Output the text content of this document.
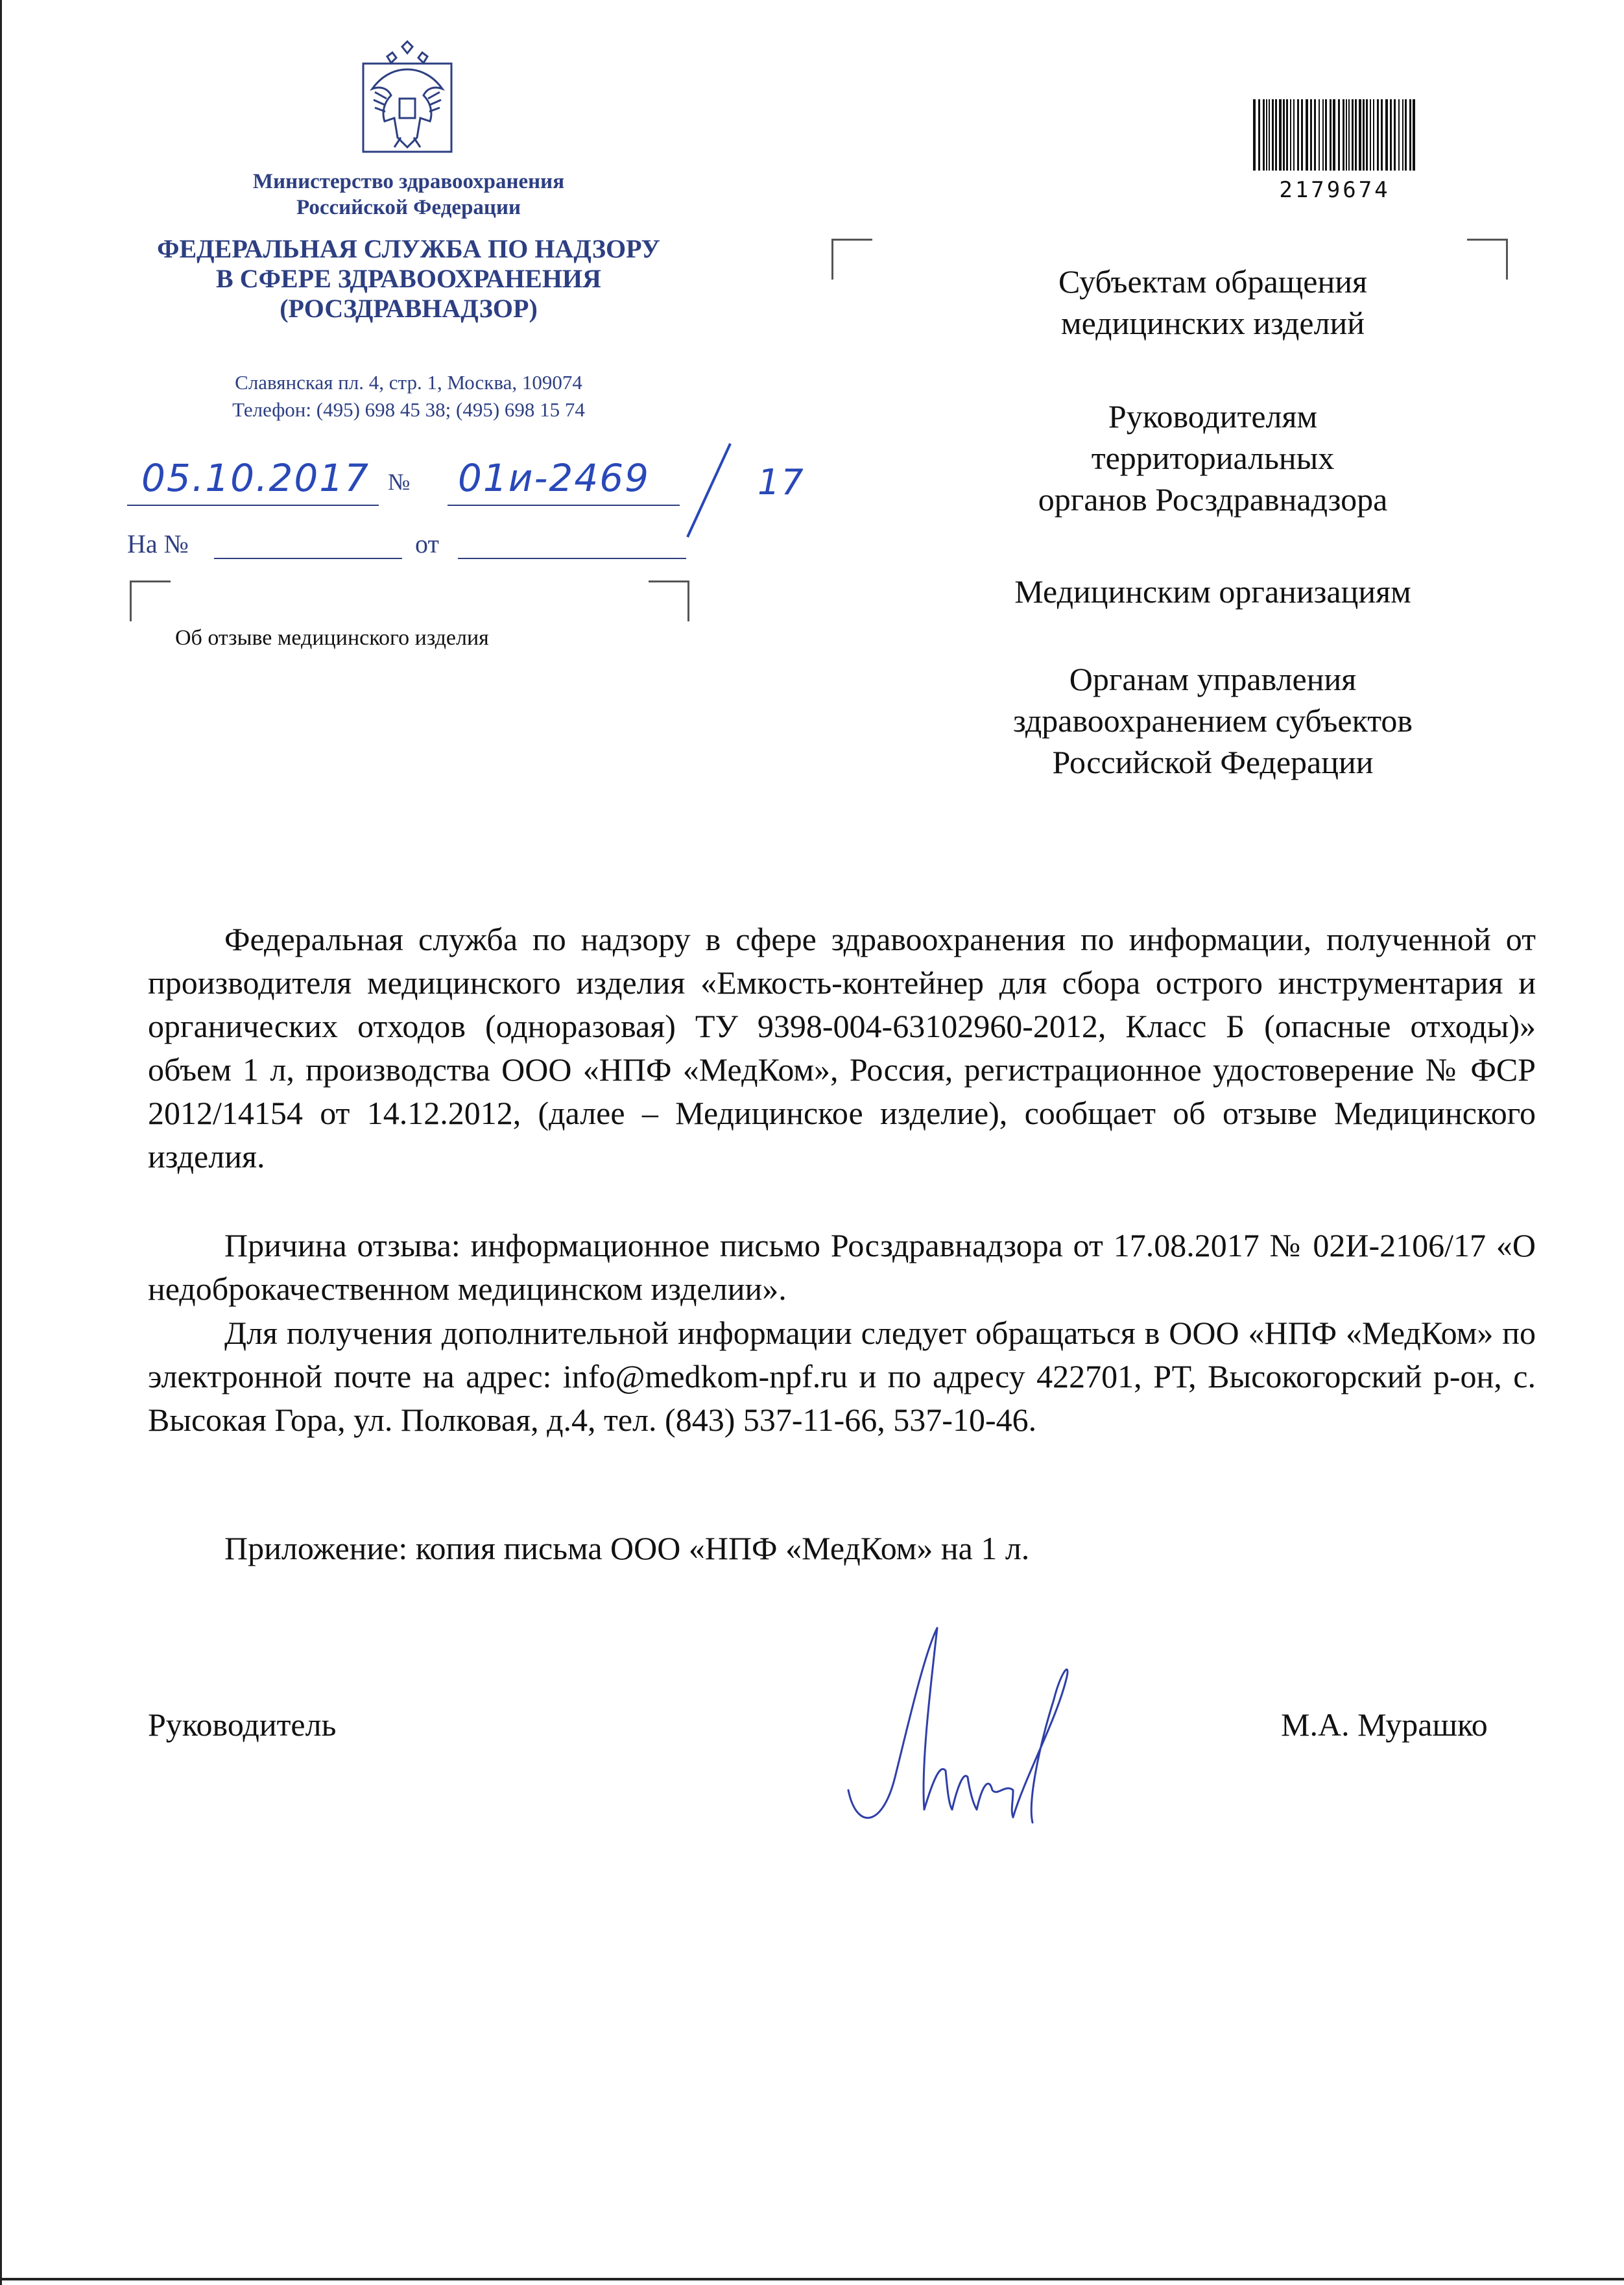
Министерство здравоохранения
Российской Федерации
ФЕДЕРАЛЬНАЯ СЛУЖБА ПО НАДЗОРУ
В СФЕРЕ ЗДРАВООХРАНЕНИЯ
(РОСЗДРАВНАДЗОР)
Славянская пл. 4, стр. 1, Москва, 109074
Телефон: (495) 698 45 38; (495) 698 15 74
05.10.2017 № 01и-2469	17
На №	от
Об отзыве медицинского изделия
2179674
Субъектам обращения
медицинских изделий
Руководителям
территориальных
органов Росздравнадзора
Медицинским организациям
Органам управления
здравоохранением субъектов
Российской Федерации

Федеральная служба по надзору в сфере здравоохранения по информации, полученной от производителя медицинского изделия «Емкость-контейнер для сбора острого инструментария и органических отходов (одноразовая) ТУ 9398-004-63102960-2012, Класс Б (опасные отходы)» объем 1 л, производства ООО «НПФ «МедКом», Россия, регистрационное удостоверение № ФСР 2012/14154 от 14.12.2012, (далее – Медицинское изделие), сообщает об отзыве Медицинского изделия.

Причина отзыва: информационное письмо Росздравнадзора от 17.08.2017 № 02И-2106/17 «О недоброкачественном медицинском изделии».

Для получения дополнительной информации следует обращаться в ООО «НПФ «МедКом» по электронной почте на адрес: info@medkom-npf.ru и по адресу 422701, РТ, Высокогорский р-он, с. Высокая Гора, ул. Полковая, д.4, тел. (843) 537-11-66, 537-10-46.

Приложение: копия письма ООО «НПФ «МедКом» на 1 л.
Руководитель	М.А. Мурашко
